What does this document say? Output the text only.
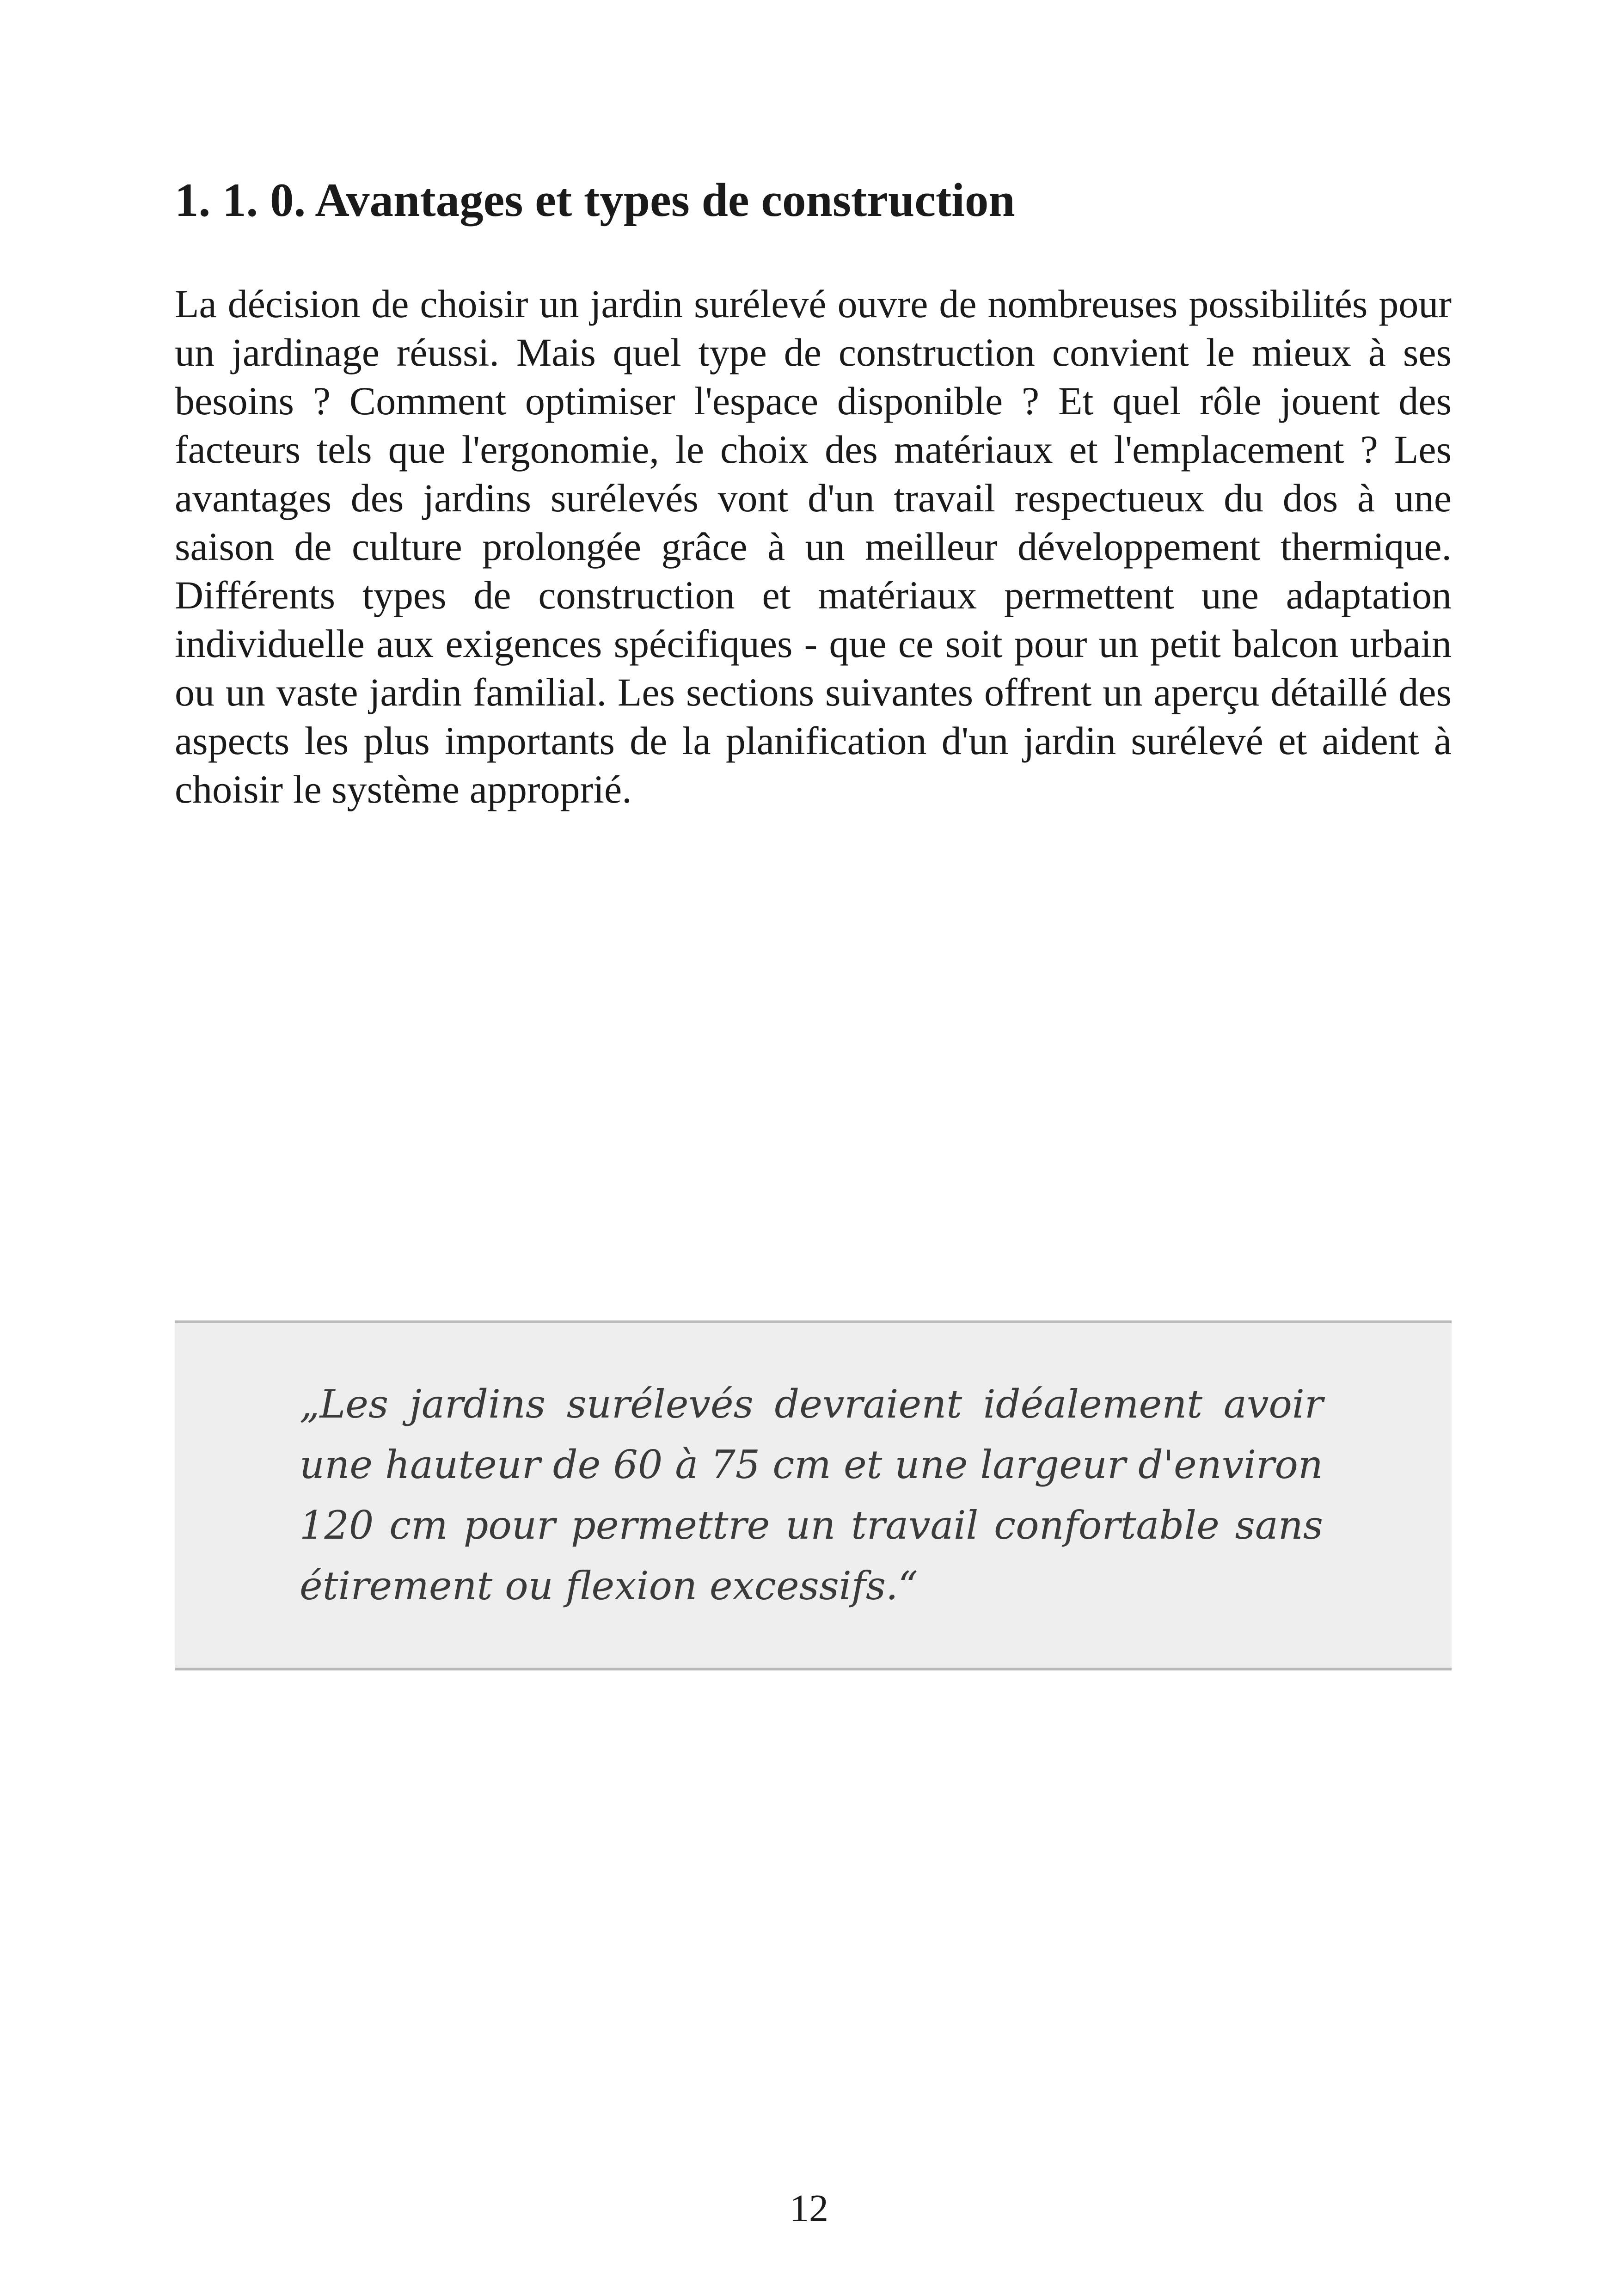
1. 1. 0. Avantages et types de construction

La décision de choisir un jardin surélevé ouvre de nombreuses possibilités pour un jardinage réussi. Mais quel type de construction convient le mieux à ses besoins ? Comment optimiser l'espace disponible ? Et quel rôle jouent des facteurs tels que l'ergonomie, le choix des matériaux et l'emplacement ? Les avantages des jardins surélevés vont d'un travail respectueux du dos à une saison de culture prolongée grâce à un meilleur développement thermique. Différents types de construction et matériaux permettent une adaptation individuelle aux exigences spécifiques - que ce soit pour un petit balcon urbain ou un vaste jardin familial. Les sections suivantes offrent un aperçu détaillé des aspects les plus importants de la planification d'un jardin surélevé et aident à choisir le système approprié.

„Les jardins surélevés devraient idéalement avoir une hauteur de 60 à 75 cm et une largeur d'environ 120 cm pour permettre un travail confortable sans étirement ou flexion excessifs.“

12
